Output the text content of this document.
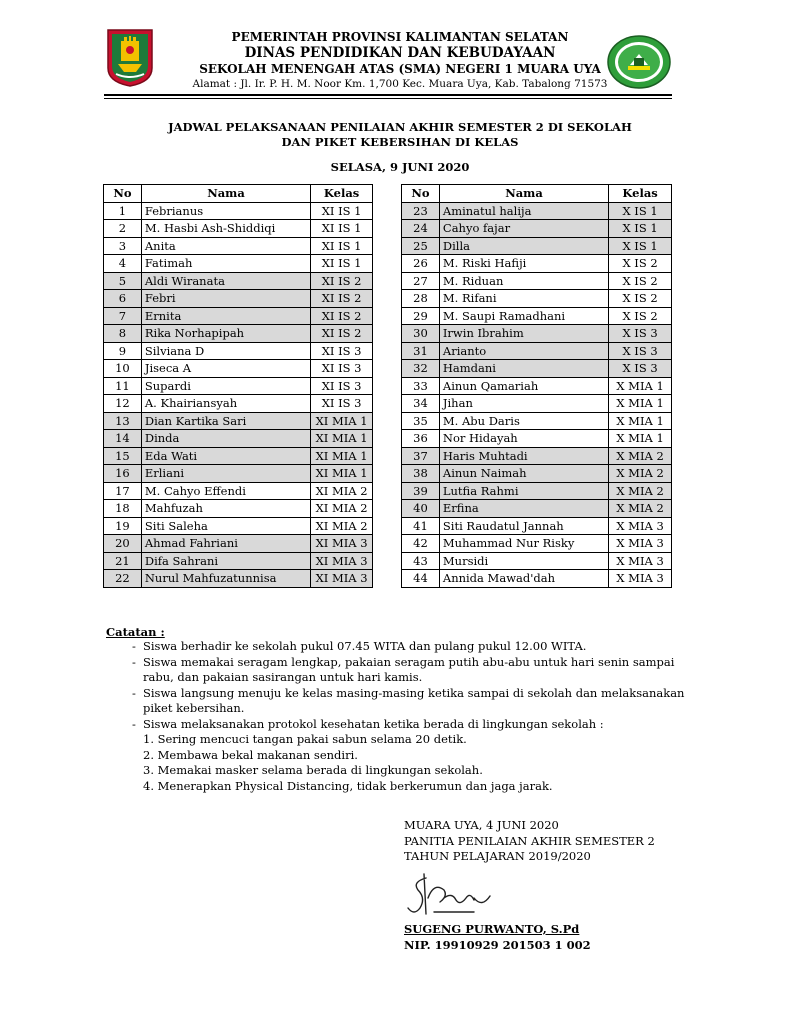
PEMERINTAH PROVINSI KALIMANTAN SELATAN
DINAS PENDIDIKAN DAN KEBUDAYAAN
SEKOLAH MENENGAH ATAS (SMA) NEGERI 1 MUARA UYA
Alamat : Jl. Ir. P. H. M. Noor Km. 1,700 Kec. Muara Uya, Kab. Tabalong 71573
JADWAL PELAKSANAAN PENILAIAN AKHIR SEMESTER 2 DI SEKOLAH
DAN PIKET KEBERSIHAN DI KELAS
SELASA, 9 JUNI 2020
No	Nama	Kelas
1	Febrianus	XI IS 1
2	M. Hasbi Ash-Shiddiqi	XI IS 1
3	Anita	XI IS 1
4	Fatimah	XI IS 1
5	Aldi Wiranata	XI IS 2
6	Febri	XI IS 2
7	Ernita	XI IS 2
8	Rika Norhapipah	XI IS 2
9	Silviana D	XI IS 3
10	Jiseca A	XI IS 3
11	Supardi	XI IS 3
12	A. Khairiansyah	XI IS 3
13	Dian Kartika Sari	XI MIA 1
14	Dinda	XI MIA 1
15	Eda Wati	XI MIA 1
16	Erliani	XI MIA 1
17	M. Cahyo Effendi	XI MIA 2
18	Mahfuzah	XI MIA 2
19	Siti Saleha	XI MIA 2
20	Ahmad Fahriani	XI MIA 3
21	Difa Sahrani	XI MIA 3
22	Nurul Mahfuzatunnisa	XI MIA 3
No	Nama	Kelas
23	Aminatul halija	X IS 1
24	Cahyo fajar	X IS 1
25	Dilla	X IS 1
26	M. Riski Hafiji	X IS 2
27	M. Riduan	X IS 2
28	M. Rifani	X IS 2
29	M. Saupi Ramadhani	X IS 2
30	Irwin Ibrahim	X IS 3
31	Arianto	X IS 3
32	Hamdani	X IS 3
33	Ainun Qamariah	X MIA 1
34	Jihan	X MIA 1
35	M. Abu Daris	X MIA 1
36	Nor Hidayah	X MIA 1
37	Haris Muhtadi	X MIA 2
38	Ainun Naimah	X MIA 2
39	Lutfia Rahmi	X MIA 2
40	Erfina	X MIA 2
41	Siti Raudatul Jannah	X MIA 3
42	Muhammad Nur Risky	X MIA 3
43	Mursidi	X MIA 3
44	Annida Mawad'dah	X MIA 3
Catatan :
- Siswa berhadir ke sekolah pukul 07.45 WITA dan pulang pukul 12.00 WITA.
- Siswa memakai seragam lengkap, pakaian seragam putih abu-abu untuk hari senin sampai
rabu, dan pakaian sasirangan untuk hari kamis.
- Siswa langsung menuju ke kelas masing-masing ketika sampai di sekolah dan melaksanakan
piket kebersihan.
- Siswa melaksanakan protokol kesehatan ketika berada di lingkungan sekolah :
1. Sering mencuci tangan pakai sabun selama 20 detik.
2. Membawa bekal makanan sendiri.
3. Memakai masker selama berada di lingkungan sekolah.
4. Menerapkan Physical Distancing, tidak berkerumun dan jaga jarak.
MUARA UYA, 4 JUNI 2020
PANITIA PENILAIAN AKHIR SEMESTER 2
TAHUN PELAJARAN 2019/2020
SUGENG PURWANTO, S.Pd
NIP. 19910929 201503 1 002
